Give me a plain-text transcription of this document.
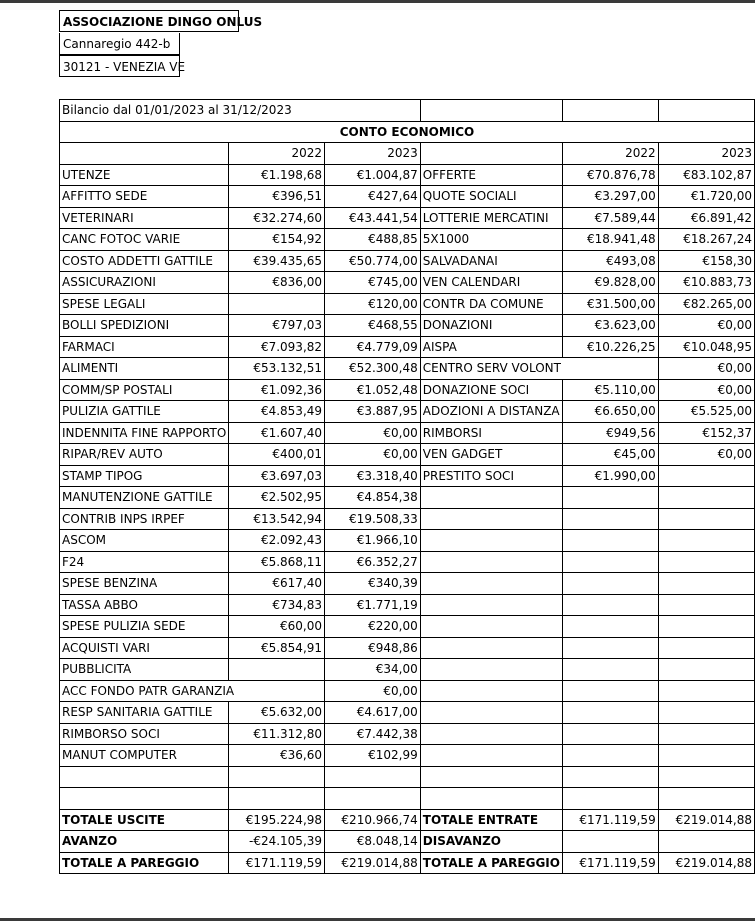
ASSOCIAZIONE DINGO ONLUS
Cannaregio 442-b
30121 - VENEZIA VE
Bilancio dal 01/01/2023 al 31/12/2023					
CONTO ECONOMICO					
	2022	2023		2022	2023
UTENZE	€1.198,68	€1.004,87	OFFERTE	€70.876,78	€83.102,87
AFFITTO SEDE	€396,51	€427,64	QUOTE SOCIALI	€3.297,00	€1.720,00
VETERINARI	€32.274,60	€43.441,54	LOTTERIE MERCATINI	€7.589,44	€6.891,42
CANC FOTOC VARIE	€154,92	€488,85	5X1000	€18.941,48	€18.267,24
COSTO ADDETTI GATTILE	€39.435,65	€50.774,00	SALVADANAI	€493,08	€158,30
ASSICURAZIONI	€836,00	€745,00	VEN CALENDARI	€9.828,00	€10.883,73
SPESE LEGALI		€120,00	CONTR DA COMUNE	€31.500,00	€82.265,00
BOLLI SPEDIZIONI	€797,03	€468,55	DONAZIONI	€3.623,00	€0,00
FARMACI	€7.093,82	€4.779,09	AISPA	€10.226,25	€10.048,95
ALIMENTI	€53.132,51	€52.300,48	CENTRO SERV VOLONT		€0,00
COMM/SP POSTALI	€1.092,36	€1.052,48	DONAZIONE SOCI	€5.110,00	€0,00
PULIZIA GATTILE	€4.853,49	€3.887,95	ADOZIONI A DISTANZA	€6.650,00	€5.525,00
INDENNITA FINE RAPPORTO	€1.607,40	€0,00	RIMBORSI	€949,56	€152,37
RIPAR/REV AUTO	€400,01	€0,00	VEN GADGET	€45,00	€0,00
STAMP TIPOG	€3.697,03	€3.318,40	PRESTITO SOCI	€1.990,00	
MANUTENZIONE GATTILE	€2.502,95	€4.854,38			
CONTRIB INPS IRPEF	€13.542,94	€19.508,33			
ASCOM	€2.092,43	€1.966,10			
F24	€5.868,11	€6.352,27			
SPESE BENZINA	€617,40	€340,39			
TASSA ABBO	€734,83	€1.771,19			
SPESE PULIZIA SEDE	€60,00	€220,00			
ACQUISTI VARI	€5.854,91	€948,86			
PUBBLICITA		€34,00			
ACC FONDO PATR GARANZIA		€0,00			
RESP SANITARIA GATTILE	€5.632,00	€4.617,00			
RIMBORSO SOCI	€11.312,80	€7.442,38			
MANUT COMPUTER	€36,60	€102,99			

TOTALE USCITE	€195.224,98	€210.966,74	TOTALE ENTRATE	€171.119,59	€219.014,88
AVANZO	-€24.105,39	€8.048,14	DISAVANZO		
TOTALE A PAREGGIO	€171.119,59	€219.014,88	TOTALE A PAREGGIO	€171.119,59	€219.014,88
